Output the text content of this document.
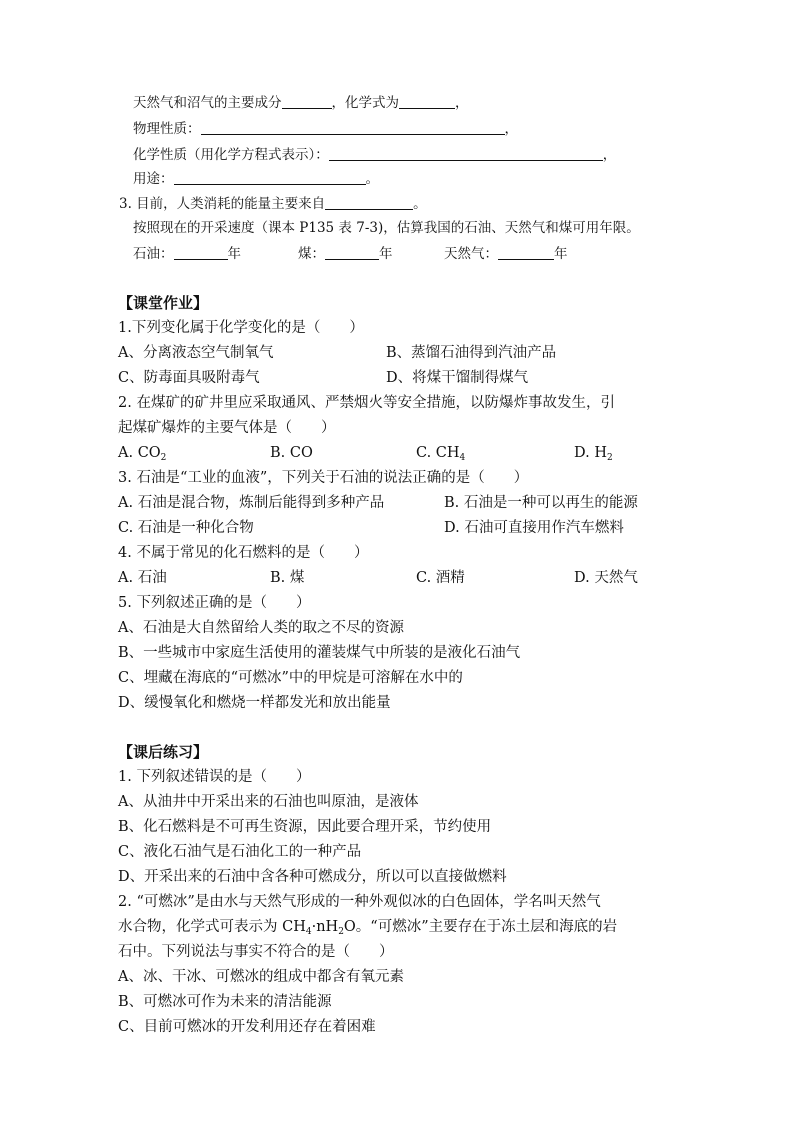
天然气和沼气的主要成分	，化学式为	，
物理性质：	，
化学性质（用化学方程式表示）：	，
用途：	。
3. 目前，人类消耗的能量主要来自	。
按照现在的开采速度（课本 P135 表 7-3)，估算我国的石油、天然气和煤可用年限。
石油：	年	煤：	年	天然气：	年
【课堂作业】
1.下列变化属于化学变化的是（　　）
A、分离液态空气制氧气	B、蒸馏石油得到汽油产品
C、防毒面具吸附毒气	D、将煤干馏制得煤气
2. 在煤矿的矿井里应采取通风、严禁烟火等安全措施，以防爆炸事故发生，引
起煤矿爆炸的主要气体是（　　）
A. $CO_2$	B. CO	C. $CH_4$	D. $H_2$
3. 石油是“工业的血液”，下列关于石油的说法正确的是（　　）
A. 石油是混合物，炼制后能得到多种产品	B. 石油是一种可以再生的能源
C. 石油是一种化合物	D. 石油可直接用作汽车燃料
4. 不属于常见的化石燃料的是（　　）
A. 石油	B. 煤	C. 酒精	D. 天然气
5. 下列叙述正确的是（　　）
A、石油是大自然留给人类的取之不尽的资源
B、一些城市中家庭生活使用的灌装煤气中所装的是液化石油气
C、埋藏在海底的“可燃冰”中的甲烷是可溶解在水中的
D、缓慢氧化和燃烧一样都发光和放出能量
【课后练习】
1. 下列叙述错误的是（　　）
A、从油井中开采出来的石油也叫原油，是液体
B、化石燃料是不可再生资源，因此要合理开采，节约使用
C、液化石油气是石油化工的一种产品
D、开采出来的石油中含各种可燃成分，所以可以直接做燃料
2. “可燃冰”是由水与天然气形成的一种外观似冰的白色固体，学名叫天然气
水合物，化学式可表示为 $CH_4\cdot nH_2O$。“可燃冰”主要存在于冻土层和海底的岩
石中。下列说法与事实不符合的是（　　）
A、冰、干冰、可燃冰的组成中都含有氧元素
B、可燃冰可作为未来的清洁能源
C、目前可燃冰的开发利用还存在着困难
